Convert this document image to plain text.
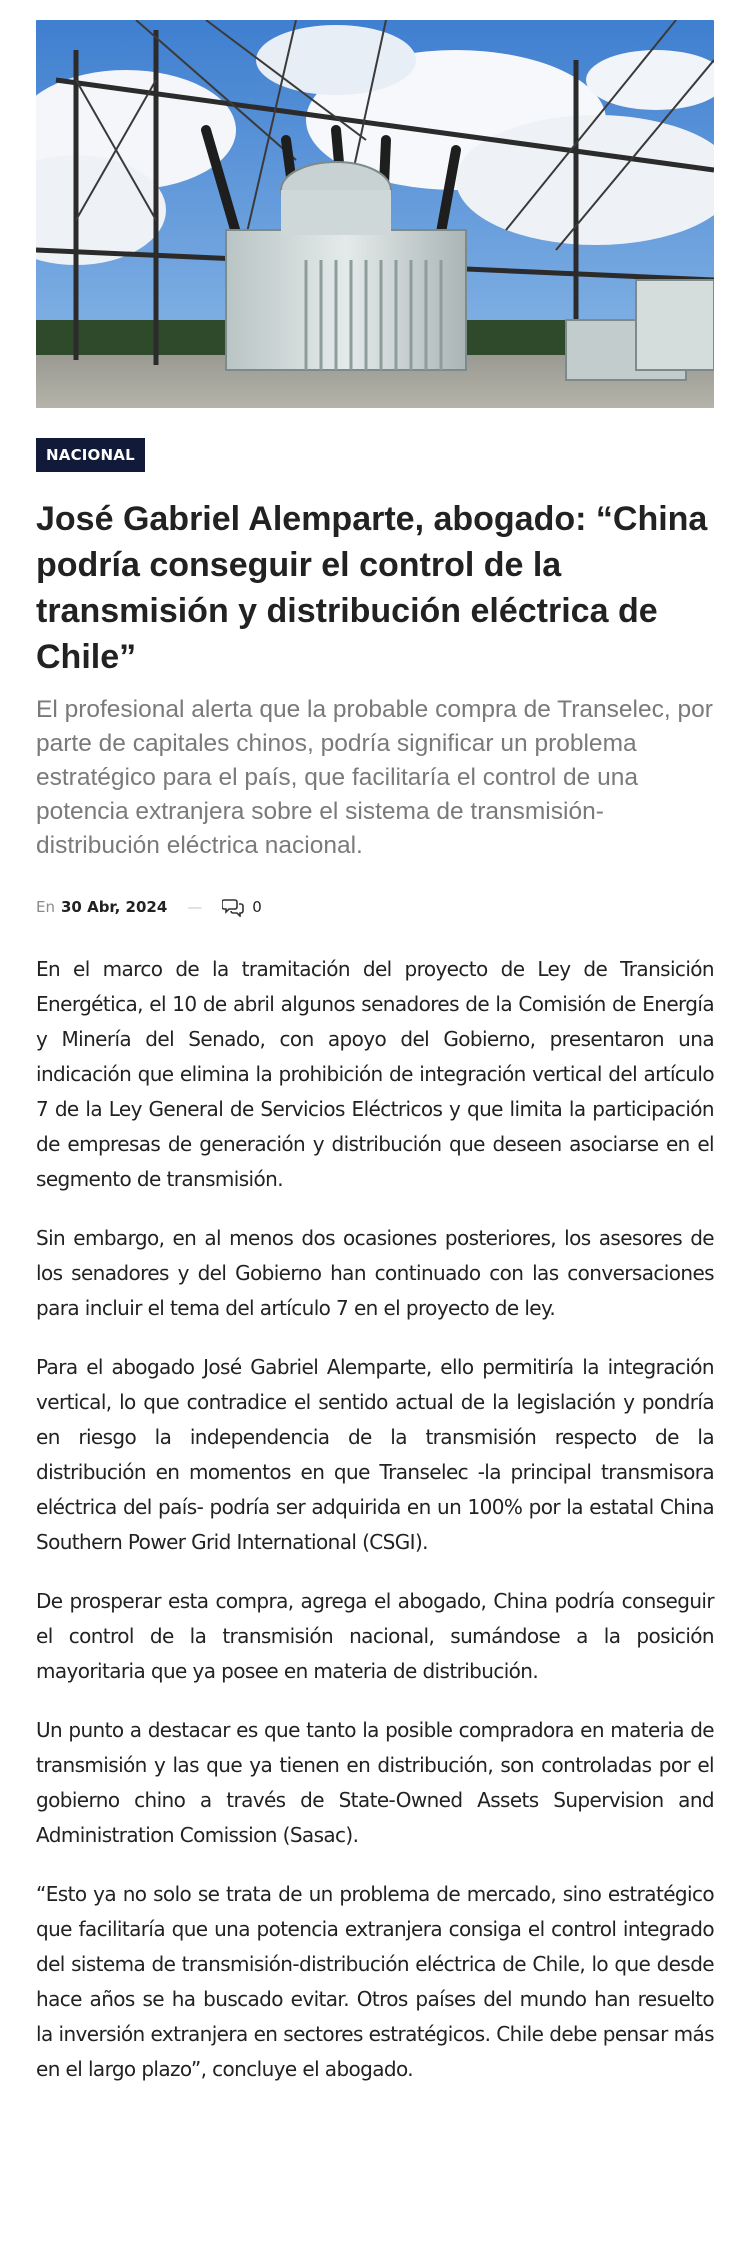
NACIONAL
José Gabriel Alemparte, abogado: “China podría conseguir el control de la transmisión y distribución eléctrica de Chile”

El profesional alerta que la probable compra de Transelec, por parte de capitales chinos, podría significar un problema estratégico para el país, que facilitaría el control de una potencia extranjera sobre el sistema de transmisión-distribución eléctrica nacional.

En 30 Abr, 2024 —	0

En el marco de la tramitación del proyecto de Ley de Transición Energética, el 10 de abril algunos senadores de la Comisión de Energía y Minería del Senado, con apoyo del Gobierno, presentaron una indicación que elimina la prohibición de integración vertical del artículo 7 de la Ley General de Servicios Eléctricos y que limita la participación de empresas de generación y distribución que deseen asociarse en el segmento de transmisión.

Sin embargo, en al menos dos ocasiones posteriores, los asesores de los senadores y del Gobierno han continuado con las conversaciones para incluir el tema del artículo 7 en el proyecto de ley.

Para el abogado José Gabriel Alemparte, ello permitiría la integración vertical, lo que contradice el sentido actual de la legislación y pondría en riesgo la independencia de la transmisión respecto de la distribución en momentos en que Transelec -la principal transmisora eléctrica del país- podría ser adquirida en un 100% por la estatal China Southern Power Grid International (CSGI).

De prosperar esta compra, agrega el abogado, China podría conseguir el control de la transmisión nacional, sumándose a la posición mayoritaria que ya posee en materia de distribución.

Un punto a destacar es que tanto la posible compradora en materia de transmisión y las que ya tienen en distribución, son controladas por el gobierno chino a través de State-Owned Assets Supervision and Administration Comission (Sasac).

“Esto ya no solo se trata de un problema de mercado, sino estratégico que facilitaría que una potencia extranjera consiga el control integrado del sistema de transmisión-distribución eléctrica de Chile, lo que desde hace años se ha buscado evitar. Otros países del mundo han resuelto la inversión extranjera en sectores estratégicos. Chile debe pensar más en el largo plazo”, concluye el abogado.
